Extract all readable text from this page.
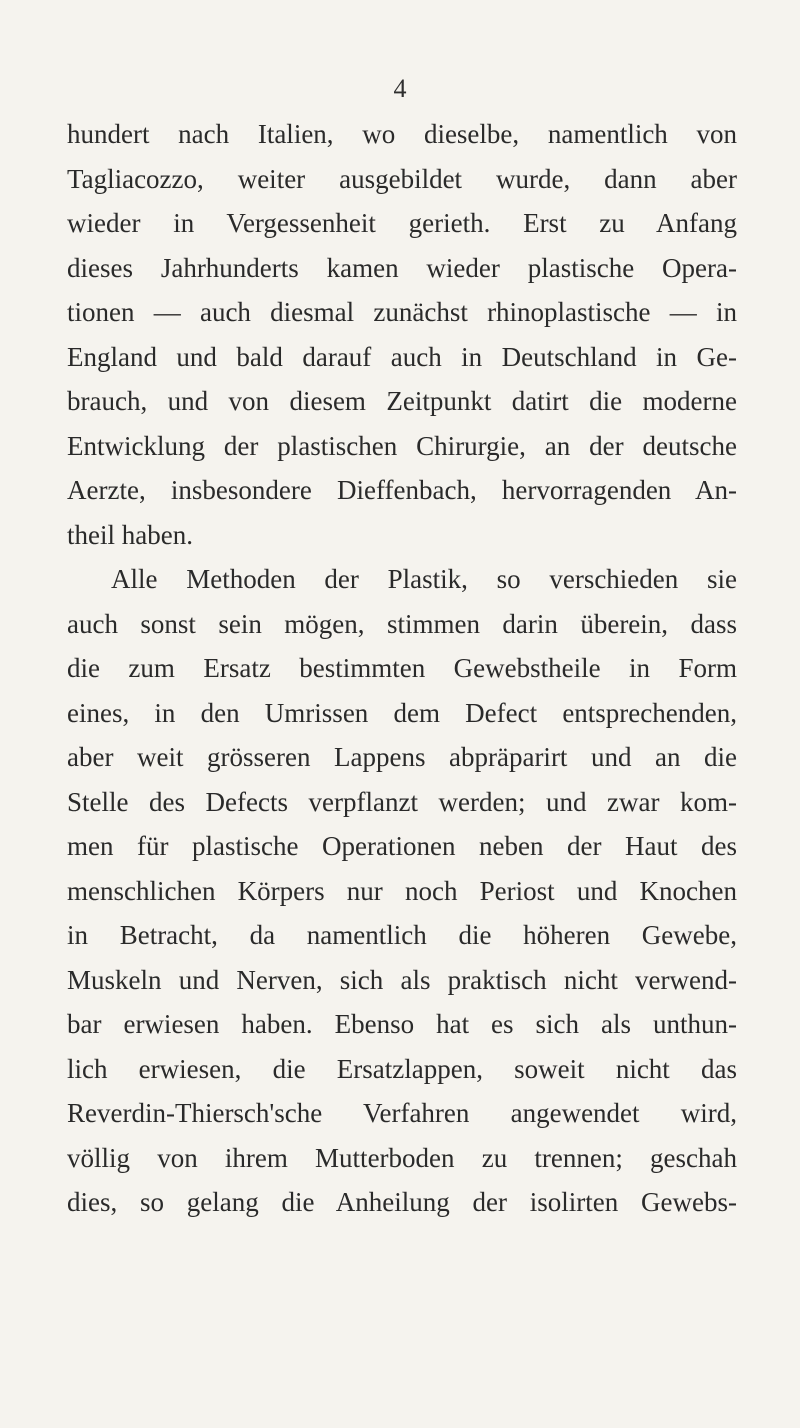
4
hundert nach Italien, wo dieselbe, namentlich von
Tagliacozzo, weiter ausgebildet wurde, dann aber
wieder in Vergessenheit gerieth. Erst zu Anfang
dieses Jahrhunderts kamen wieder plastische Opera-
tionen — auch diesmal zunächst rhinoplastische — in
England und bald darauf auch in Deutschland in Ge-
brauch, und von diesem Zeitpunkt datirt die moderne
Entwicklung der plastischen Chirurgie, an der deutsche
Aerzte, insbesondere Dieffenbach, hervorragenden An-
theil haben.
Alle Methoden der Plastik, so verschieden sie
auch sonst sein mögen, stimmen darin überein, dass
die zum Ersatz bestimmten Gewebstheile in Form
eines, in den Umrissen dem Defect entsprechenden,
aber weit grösseren Lappens abpräparirt und an die
Stelle des Defects verpflanzt werden; und zwar kom-
men für plastische Operationen neben der Haut des
menschlichen Körpers nur noch Periost und Knochen
in Betracht, da namentlich die höheren Gewebe,
Muskeln und Nerven, sich als praktisch nicht verwend-
bar erwiesen haben. Ebenso hat es sich als unthun-
lich erwiesen, die Ersatzlappen, soweit nicht das
Reverdin-Thiersch'sche Verfahren angewendet wird,
völlig von ihrem Mutterboden zu trennen; geschah
dies, so gelang die Anheilung der isolirten Gewebs-
